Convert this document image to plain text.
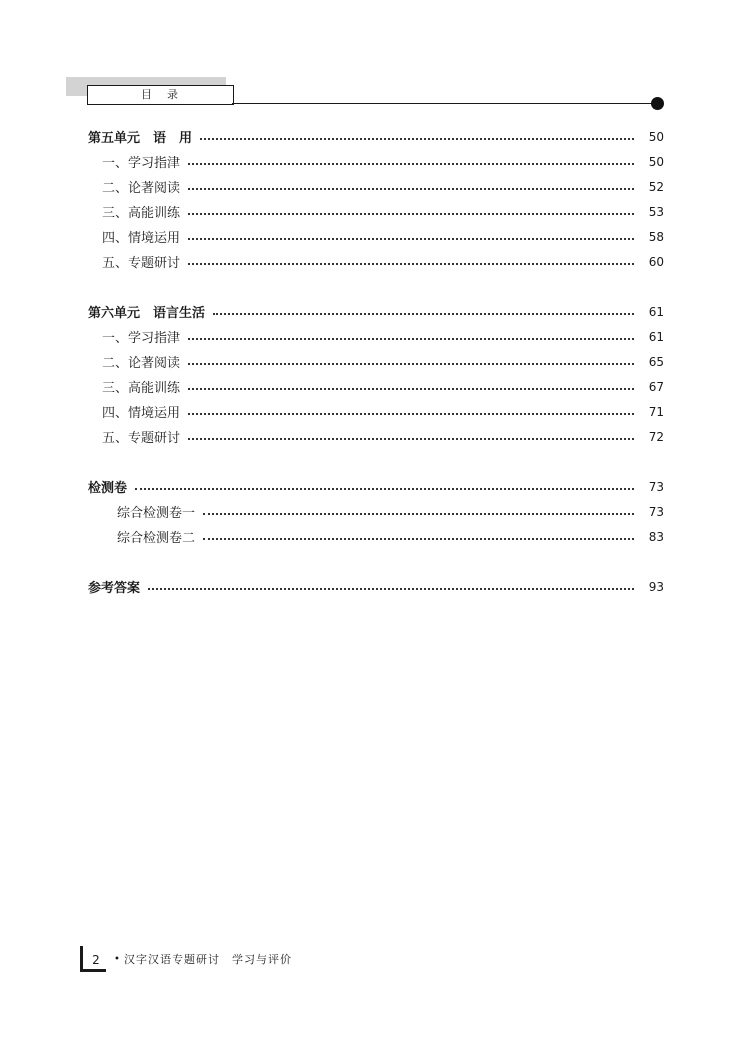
目　录
第五单元　语　用	50
一、学习指津	50
二、论著阅读	52
三、高能训练	53
四、情境运用	58
五、专题研讨	60
第六单元　语言生活	61
一、学习指津	61
二、论著阅读	65
三、高能训练	67
四、情境运用	71
五、专题研讨	72
检测卷	73
综合检测卷一	73
综合检测卷二	83
参考答案	93
2	• 汉字汉语专题研讨　学习与评价
